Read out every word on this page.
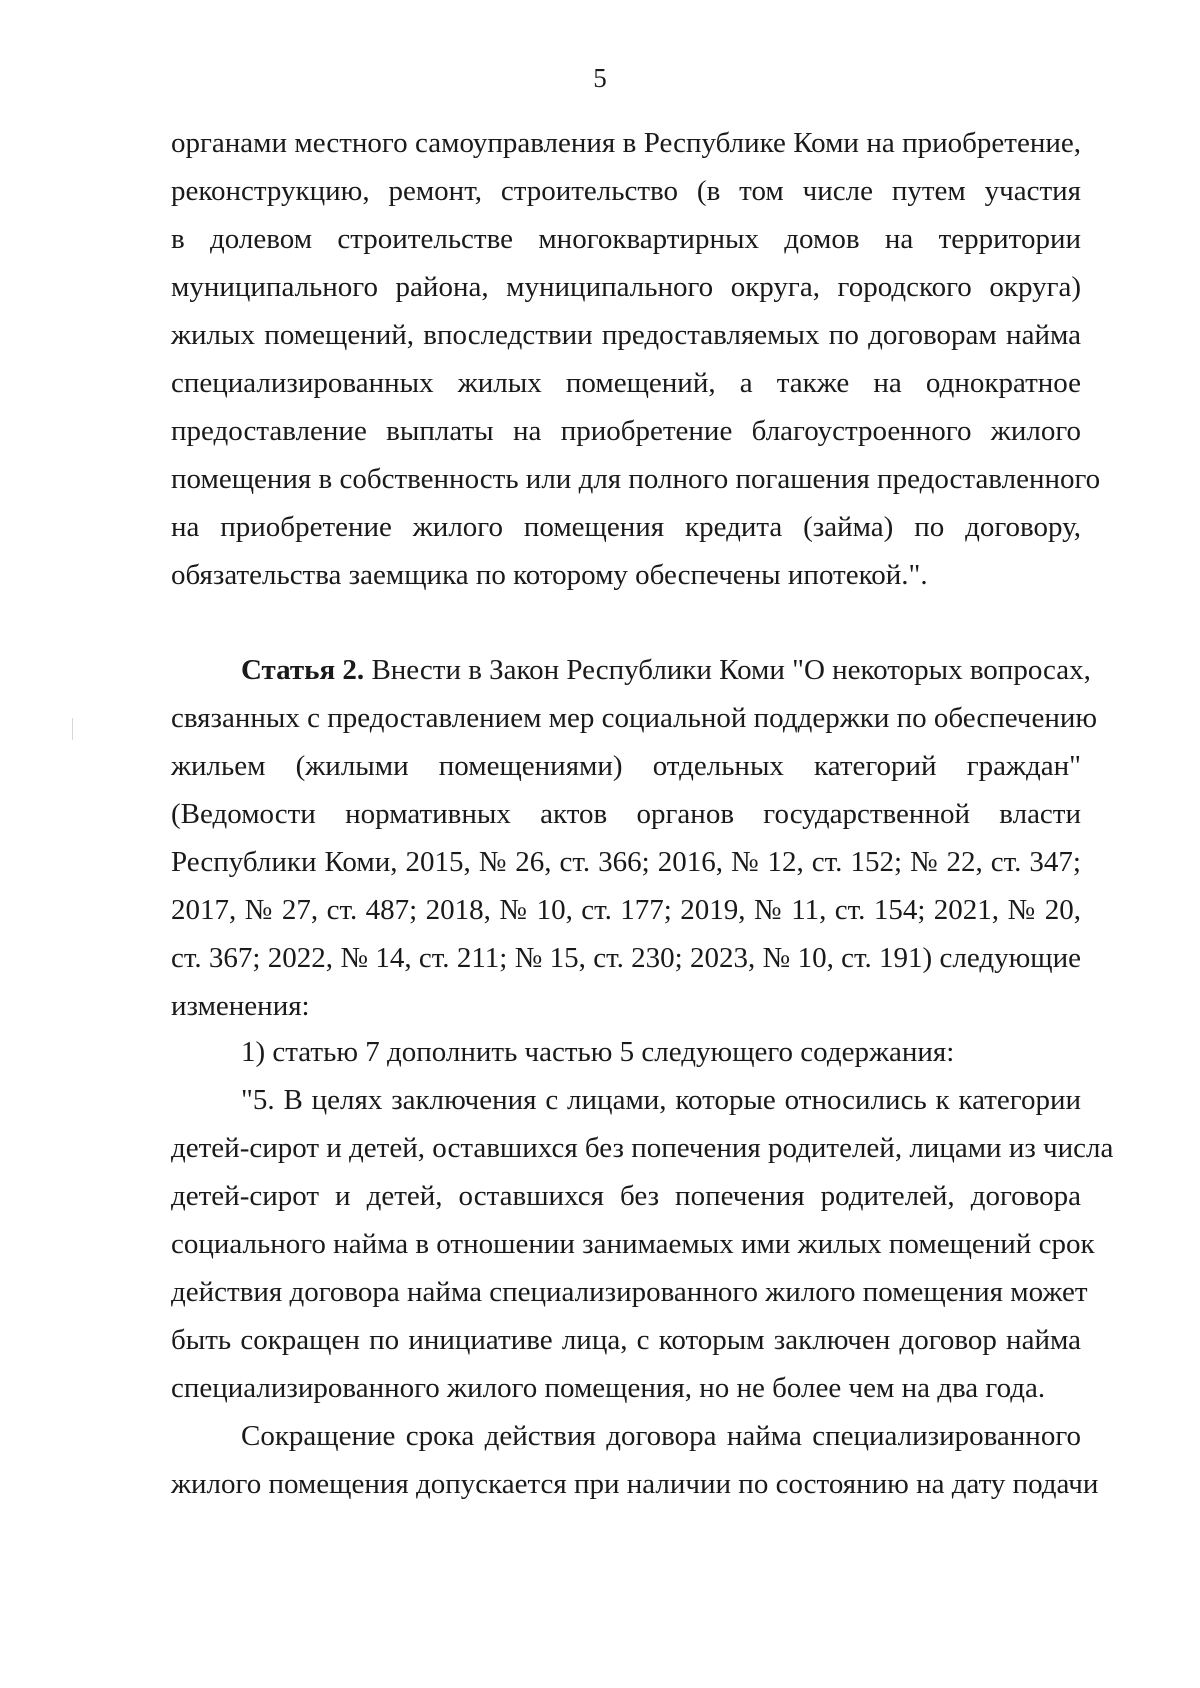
5

органами местного самоуправления в Республике Коми на приобретение,
реконструкцию, ремонт, строительство (в том числе путем участия
в долевом строительстве многоквартирных домов на территории
муниципального района, муниципального округа, городского округа)
жилых помещений, впоследствии предоставляемых по договорам найма
специализированных жилых помещений, а также на однократное
предоставление выплаты на приобретение благоустроенного жилого
помещения в собственность или для полного погашения предоставленного
на приобретение жилого помещения кредита (займа) по договору,
обязательства заемщика по которому обеспечены ипотекой.".

Статья 2. Внести в Закон Республики Коми "О некоторых вопросах,
связанных с предоставлением мер социальной поддержки по обеспечению
жильем (жилыми помещениями) отдельных категорий граждан"
(Ведомости нормативных актов органов государственной власти
Республики Коми, 2015, № 26, ст. 366; 2016, № 12, ст. 152; № 22, ст. 347;
2017, № 27, ст. 487; 2018, № 10, ст. 177; 2019, № 11, ст. 154; 2021, № 20,
ст. 367; 2022, № 14, ст. 211; № 15, ст. 230; 2023, № 10, ст. 191) следующие
изменения:

1) статью 7 дополнить частью 5 следующего содержания:

"5. В целях заключения с лицами, которые относились к категории
детей-сирот и детей, оставшихся без попечения родителей, лицами из числа
детей-сирот и детей, оставшихся без попечения родителей, договора
социального найма в отношении занимаемых ими жилых помещений срок
действия договора найма специализированного жилого помещения может
быть сокращен по инициативе лица, с которым заключен договор найма
специализированного жилого помещения, но не более чем на два года.

Сокращение срока действия договора найма специализированного
жилого помещения допускается при наличии по состоянию на дату подачи
